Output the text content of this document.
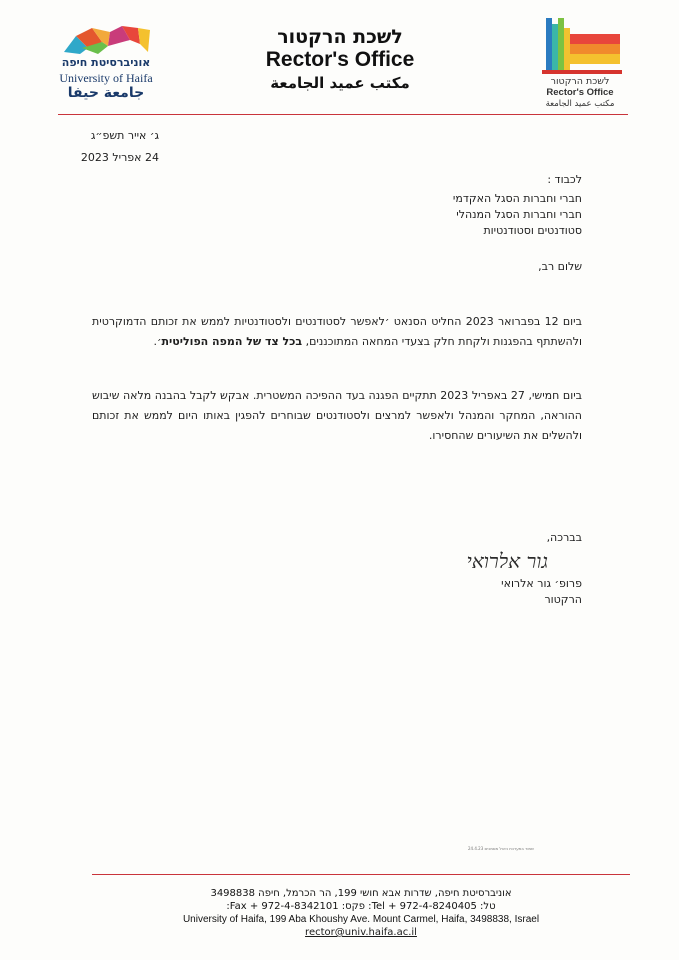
לשכת הרקטור
Rector's Office
مكتب عميد الجامعة
אוניברסיטת חיפה
University of Haifa
جامعة حيفا
לשכת הרקטור
Rector's Office
مكتب عميد الجامعة
ג׳ אייר תשפ״ג
24 אפריל 2023
לכבוד :
חברי וחברות הסגל האקדמי
חברי וחברות הסגל המנהלי
סטודנטים וסטודנטיות
שלום רב,
ביום 12 בפברואר 2023 החליט הסנאט ׳לאפשר לסטודנטים ולסטודנטיות לממש את זכותם הדמוקרטית ולהשתתף בהפגנות ולקחת חלק בצעדי המחאה המתוכננים, בכל צד של המפה הפוליטית׳.
ביום חמישי, 27 באפריל 2023 תתקיים הפגנה בעד ההפיכה המשטרית. אבקש לקבל בהבנה מלאה שיבוש ההוראה, המחקר והמנהל ולאפשר למרצים ולסטודנטים שבוחרים להפגין באותו היום לממש את זכותם ולהשלים את השיעורים שהחסירו.
בברכה,
גור אלרואי
פרופ׳ גור אלרואי
הרקטור
שמור במערכת ניהול מסמכים 24.4.23
אוניברסיטת חיפה, שדרות אבא חושי 199, הר הכרמל, חיפה 3498838
טל: 972-4-8240405 + Tel: פקס: 972-4-8342101 + Fax:
University of Haifa, 199 Aba Khoushy Ave. Mount Carmel, Haifa, 3498838, Israel
rector@univ.haifa.ac.il
